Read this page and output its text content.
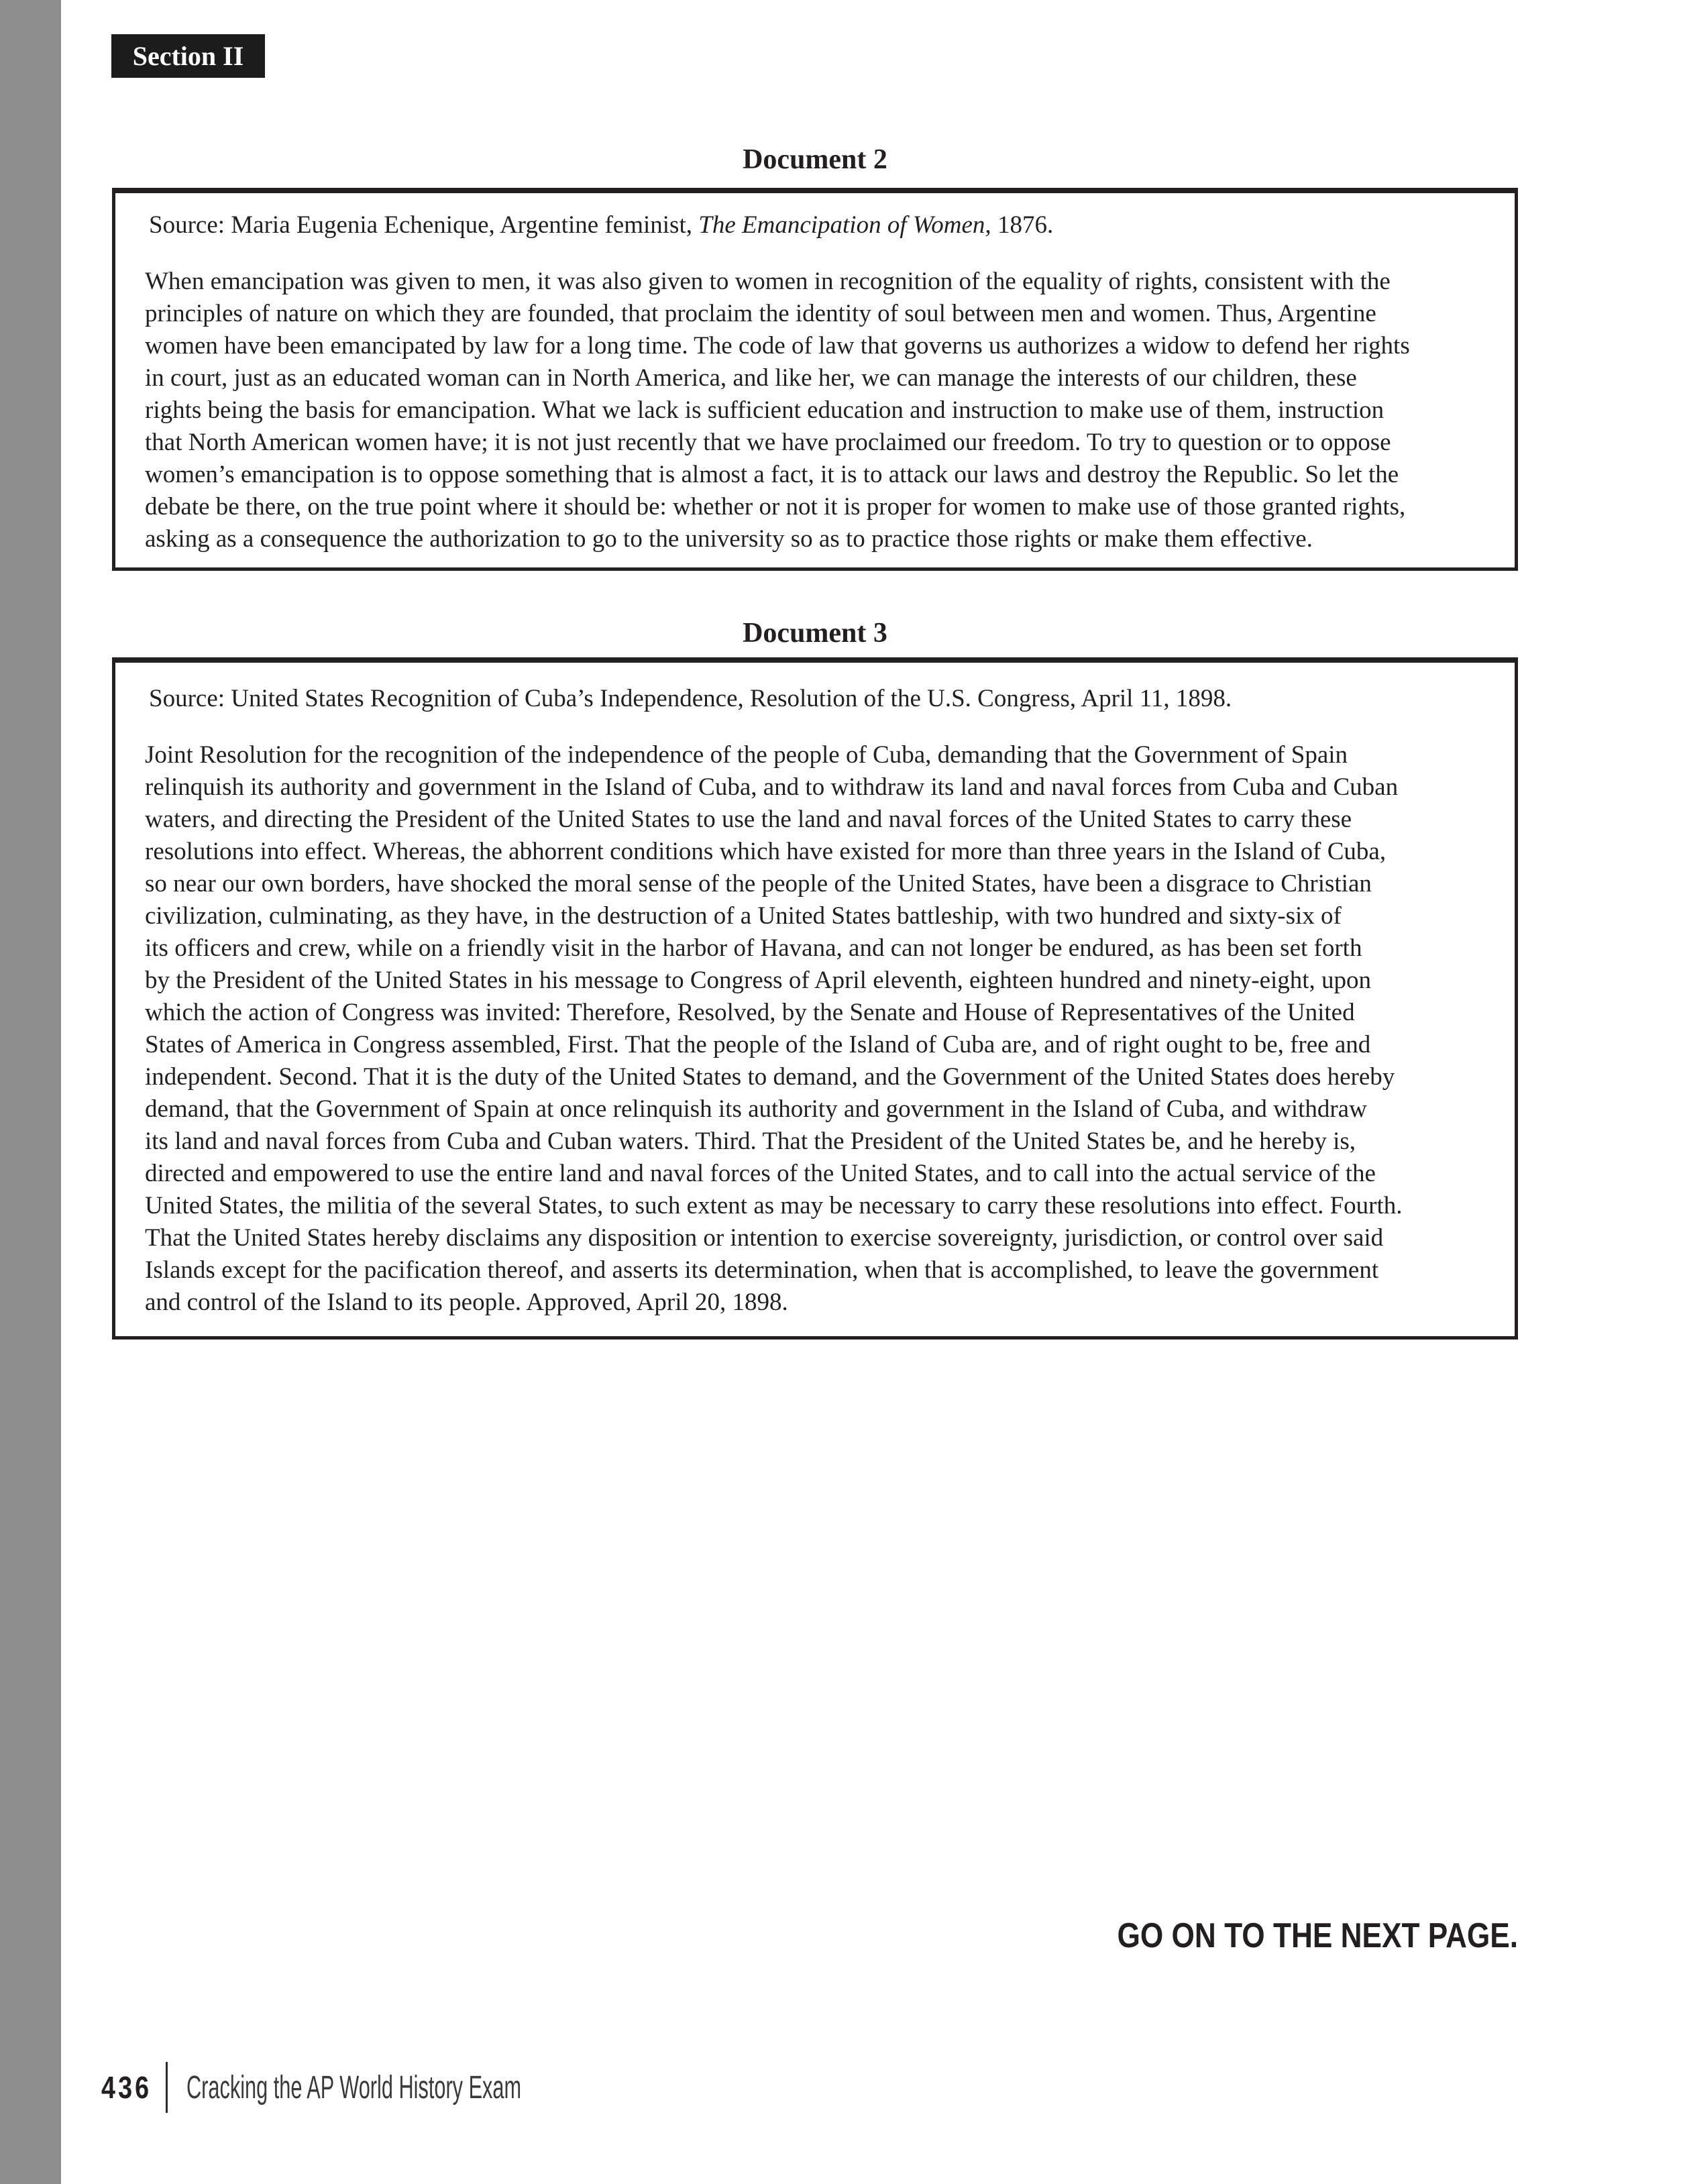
Section II
Document 2
Source: Maria Eugenia Echenique, Argentine feminist, The Emancipation of Women, 1876.
When emancipation was given to men, it was also given to women in recognition of the equality of rights, consistent with the
principles of nature on which they are founded, that proclaim the identity of soul between men and women. Thus, Argentine
women have been emancipated by law for a long time. The code of law that governs us authorizes a widow to defend her rights
in court, just as an educated woman can in North America, and like her, we can manage the interests of our children, these
rights being the basis for emancipation. What we lack is sufficient education and instruction to make use of them, instruction
that North American women have; it is not just recently that we have proclaimed our freedom. To try to question or to oppose
women’s emancipation is to oppose something that is almost a fact, it is to attack our laws and destroy the Republic. So let the
debate be there, on the true point where it should be: whether or not it is proper for women to make use of those granted rights,
asking as a consequence the authorization to go to the university so as to practice those rights or make them effective.
Document 3
Source: United States Recognition of Cuba’s Independence, Resolution of the U.S. Congress, April 11, 1898.
Joint Resolution for the recognition of the independence of the people of Cuba, demanding that the Government of Spain
relinquish its authority and government in the Island of Cuba, and to withdraw its land and naval forces from Cuba and Cuban
waters, and directing the President of the United States to use the land and naval forces of the United States to carry these
resolutions into effect. Whereas, the abhorrent conditions which have existed for more than three years in the Island of Cuba,
so near our own borders, have shocked the moral sense of the people of the United States, have been a disgrace to Christian
civilization, culminating, as they have, in the destruction of a United States battleship, with two hundred and sixty-six of
its officers and crew, while on a friendly visit in the harbor of Havana, and can not longer be endured, as has been set forth
by the President of the United States in his message to Congress of April eleventh, eighteen hundred and ninety-eight, upon
which the action of Congress was invited: Therefore, Resolved, by the Senate and House of Representatives of the United
States of America in Congress assembled, First. That the people of the Island of Cuba are, and of right ought to be, free and
independent. Second. That it is the duty of the United States to demand, and the Government of the United States does hereby
demand, that the Government of Spain at once relinquish its authority and government in the Island of Cuba, and withdraw
its land and naval forces from Cuba and Cuban waters. Third. That the President of the United States be, and he hereby is,
directed and empowered to use the entire land and naval forces of the United States, and to call into the actual service of the
United States, the militia of the several States, to such extent as may be necessary to carry these resolutions into effect. Fourth.
That the United States hereby disclaims any disposition or intention to exercise sovereignty, jurisdiction, or control over said
Islands except for the pacification thereof, and asserts its determination, when that is accomplished, to leave the government
and control of the Island to its people. Approved, April 20, 1898.
GO ON TO THE NEXT PAGE.
436 Cracking the AP World History Exam
